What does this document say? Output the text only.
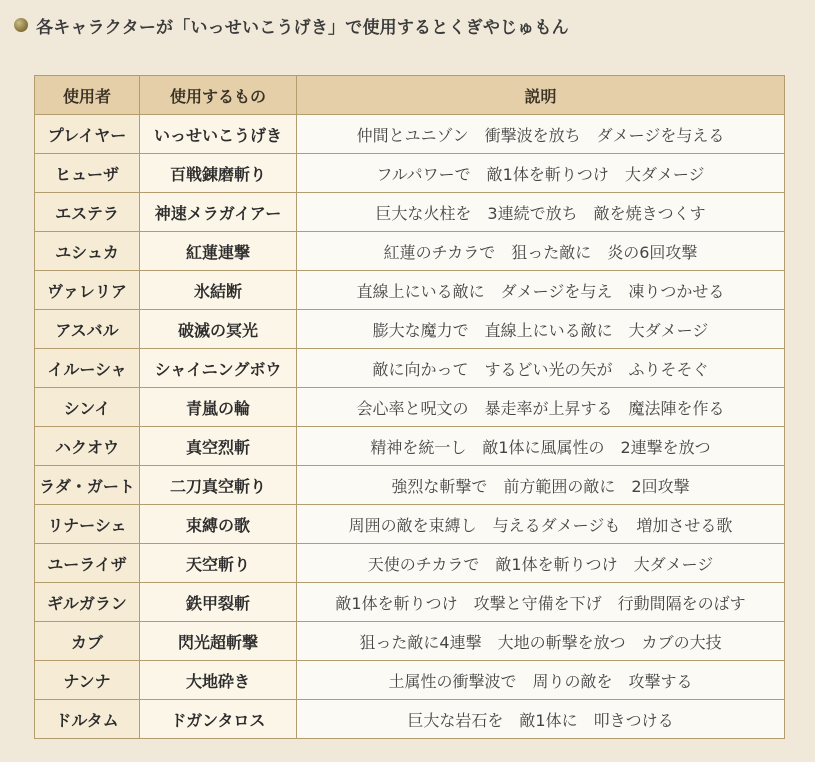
各キャラクターが「いっせいこうげき」で使用するとくぎやじゅもん
使用者	使用するもの	説明
プレイヤー	いっせいこうげき	仲間とユニゾン　衝撃波を放ち　ダメージを与える
ヒューザ	百戦錬磨斬り	フルパワーで　敵1体を斬りつけ　大ダメージ
エステラ	神速メラガイアー	巨大な火柱を　3連続で放ち　敵を焼きつくす
ユシュカ	紅蓮連撃	紅蓮のチカラで　狙った敵に　炎の6回攻撃
ヴァレリア	氷結断	直線上にいる敵に　ダメージを与え　凍りつかせる
アスバル	破滅の冥光	膨大な魔力で　直線上にいる敵に　大ダメージ
イルーシャ	シャイニングボウ	敵に向かって　するどい光の矢が　ふりそそぐ
シンイ	青嵐の輪	会心率と呪文の　暴走率が上昇する　魔法陣を作る
ハクオウ	真空烈斬	精神を統一し　敵1体に風属性の　2連撃を放つ
ラダ・ガート	二刀真空斬り	強烈な斬撃で　前方範囲の敵に　2回攻撃
リナーシェ	束縛の歌	周囲の敵を束縛し　与えるダメージも　増加させる歌
ユーライザ	天空斬り	天使のチカラで　敵1体を斬りつけ　大ダメージ
ギルガラン	鉄甲裂斬	敵1体を斬りつけ　攻撃と守備を下げ　行動間隔をのばす
カブ	閃光超斬撃	狙った敵に4連撃　大地の斬撃を放つ　カブの大技
ナンナ	大地砕き	土属性の衝撃波で　周りの敵を　攻撃する
ドルタム	ドガンタロス	巨大な岩石を　敵1体に　叩きつける
